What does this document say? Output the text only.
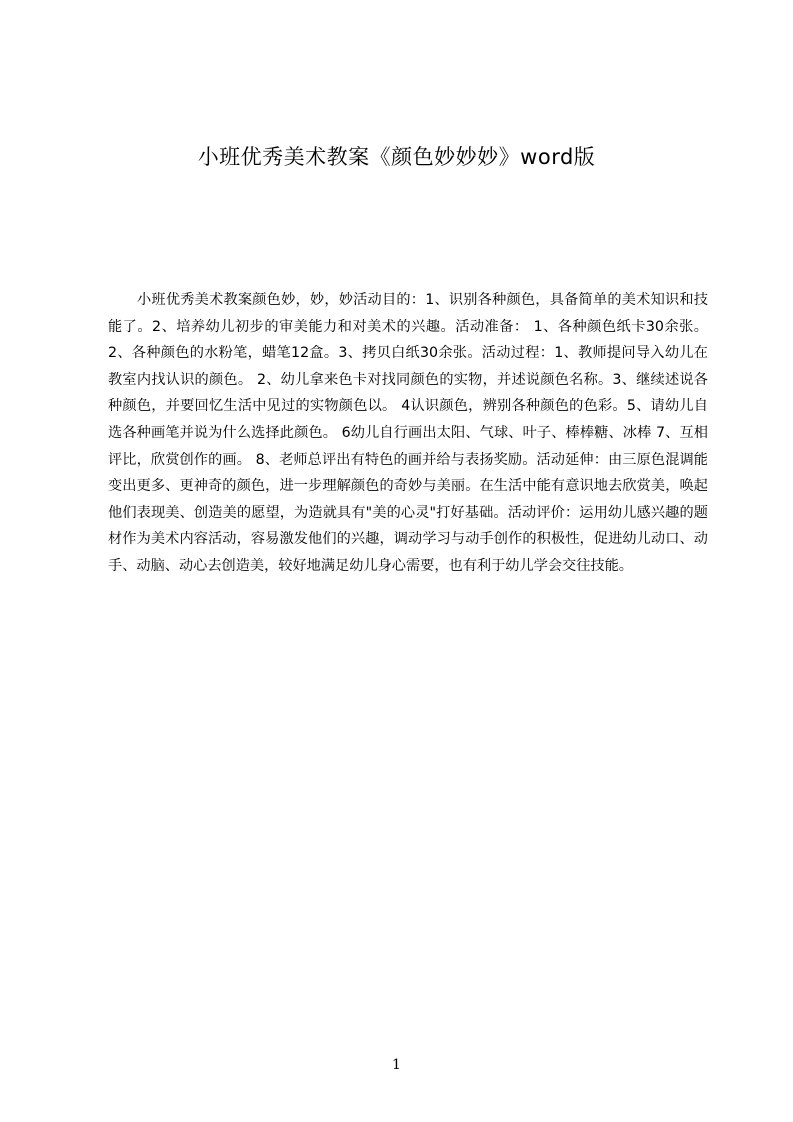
小班优秀美术教案《颜色妙妙妙》word版

小班优秀美术教案颜色妙，妙，妙活动目的：1、识别各种颜色，具备简单的美术知识和技能了。2、培养幼儿初步的审美能力和对美术的兴趣。活动准备： 1、各种颜色纸卡30余张。2、各种颜色的水粉笔，蜡笔12盒。3、拷贝白纸30余张。活动过程：1、教师提问导入幼儿在教室内找认识的颜色。 2、幼儿拿来色卡对找同颜色的实物，并述说颜色名称。3、继续述说各种颜色，并要回忆生活中见过的实物颜色以。 4认识颜色，辨别各种颜色的色彩。5、请幼儿自选各种画笔并说为什么选择此颜色。 6幼儿自行画出太阳、气球、叶子、棒棒糖、冰棒 7、互相评比，欣赏创作的画。 8、老师总评出有特色的画并给与表扬奖励。活动延伸：由三原色混调能变出更多、更神奇的颜色，进一步理解颜色的奇妙与美丽。在生活中能有意识地去欣赏美，唤起他们表现美、创造美的愿望，为造就具有"美的心灵"打好基础。活动评价：运用幼儿感兴趣的题材作为美术内容活动，容易激发他们的兴趣，调动学习与动手创作的积极性，促进幼儿动口、动手、动脑、动心去创造美，较好地满足幼儿身心需要，也有利于幼儿学会交往技能。

1
